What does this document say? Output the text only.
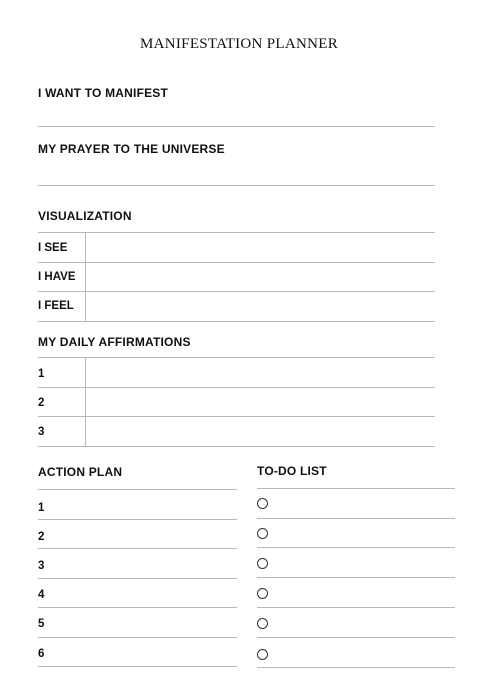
MANIFESTATION PLANNER
I WANT TO MANIFEST
MY PRAYER TO THE UNIVERSE
VISUALIZATION
I SEE
I HAVE
I FEEL
MY DAILY AFFIRMATIONS
1
2
3
ACTION PLAN
1
2
3
4
5
6
TO-DO LIST
